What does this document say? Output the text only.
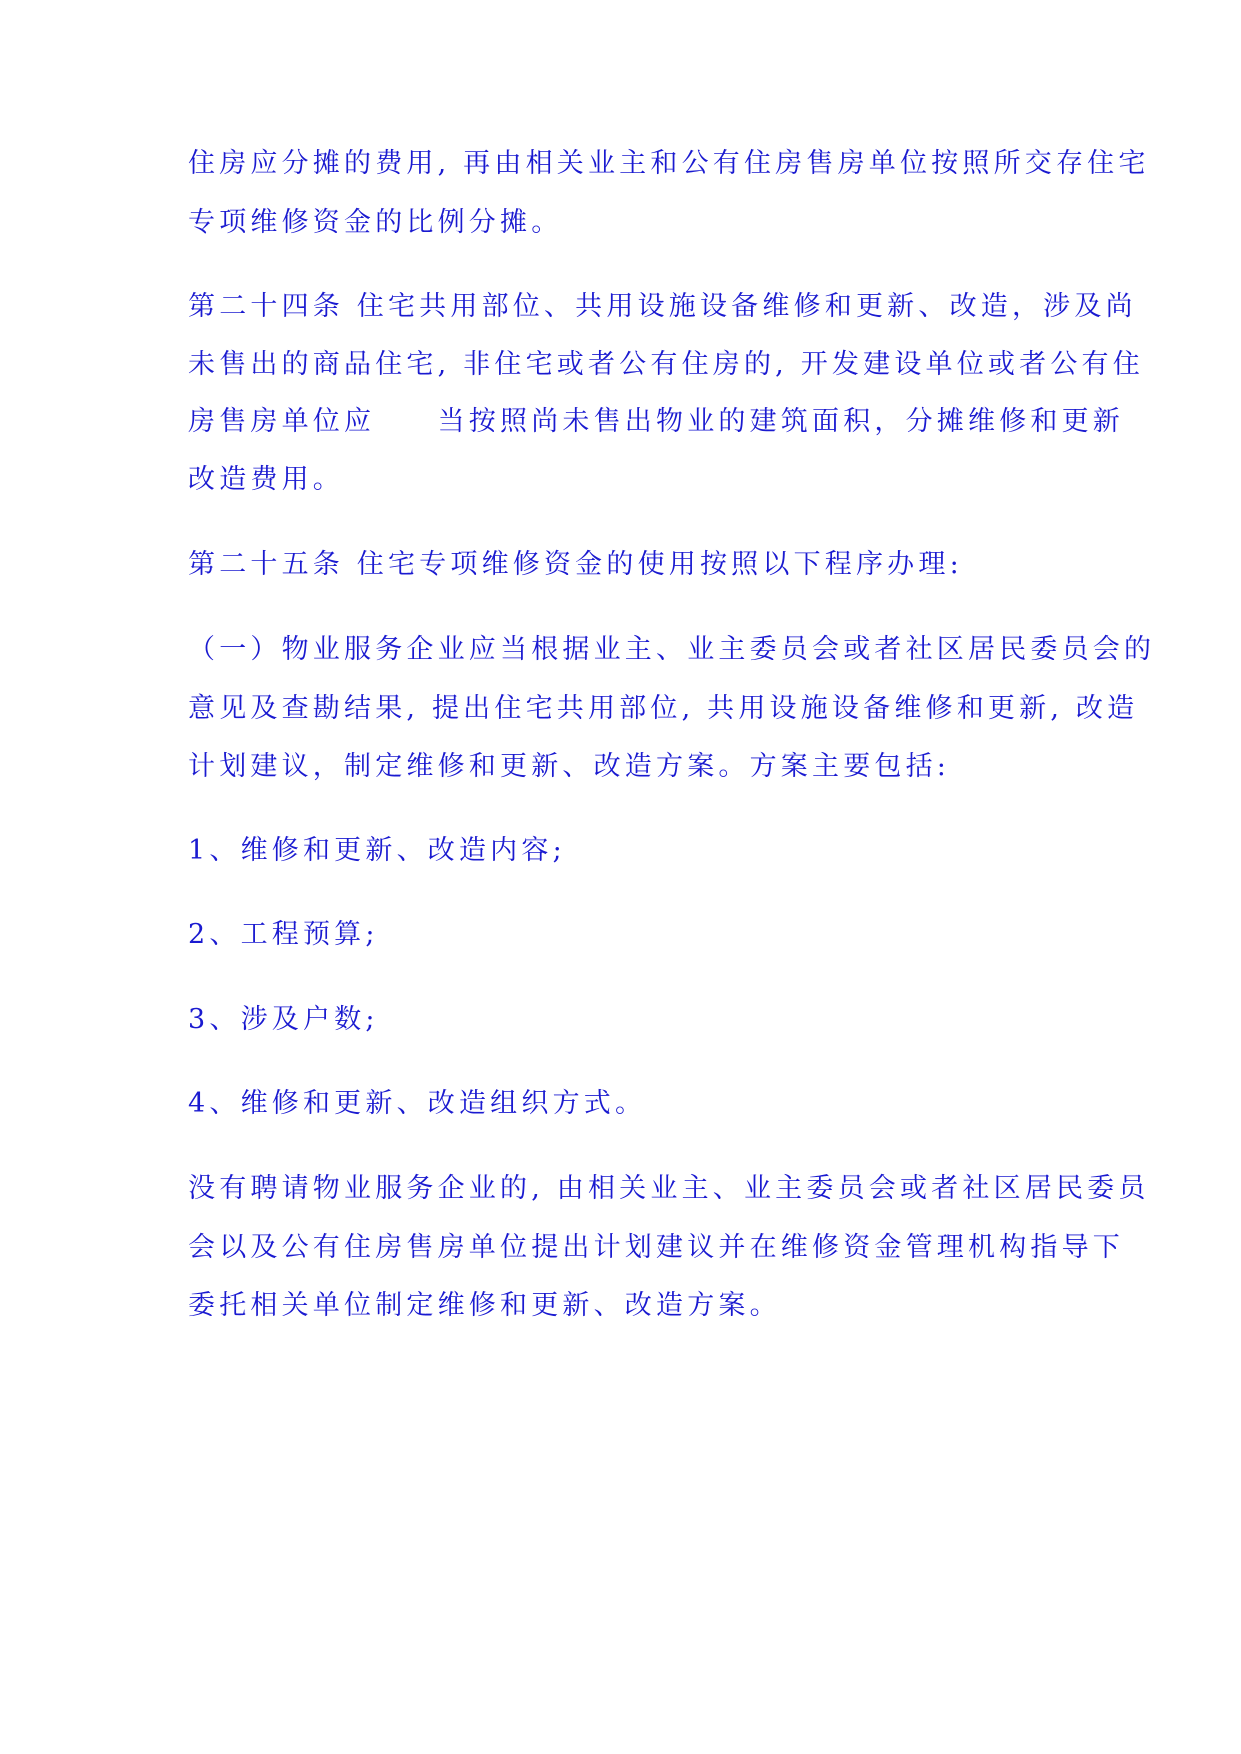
住房应分摊的费用, 再由相关业主和公有住房售房单位按照所交存住宅
专项维修资金的比例分摊。
第二十四条 住宅共用部位、共用设施设备维修和更新、改造，涉及尚
未售出的商品住宅, 非住宅或者公有住房的, 开发建设单位或者公有住
房售房单位应　　当按照尚未售出物业的建筑面积，分摊维修和更新
改造费用。
第二十五条 住宅专项维修资金的使用按照以下程序办理:
（一）物业服务企业应当根据业主、业主委员会或者社区居民委员会的
意见及查勘结果, 提出住宅共用部位, 共用设施设备维修和更新, 改造
计划建议，制定维修和更新、改造方案。方案主要包括:
1、维修和更新、改造内容;
2、工程预算;
3、涉及户数;
4、维修和更新、改造组织方式。
没有聘请物业服务企业的, 由相关业主、业主委员会或者社区居民委员
会以及公有住房售房单位提出计划建议并在维修资金管理机构指导下
委托相关单位制定维修和更新、改造方案。
